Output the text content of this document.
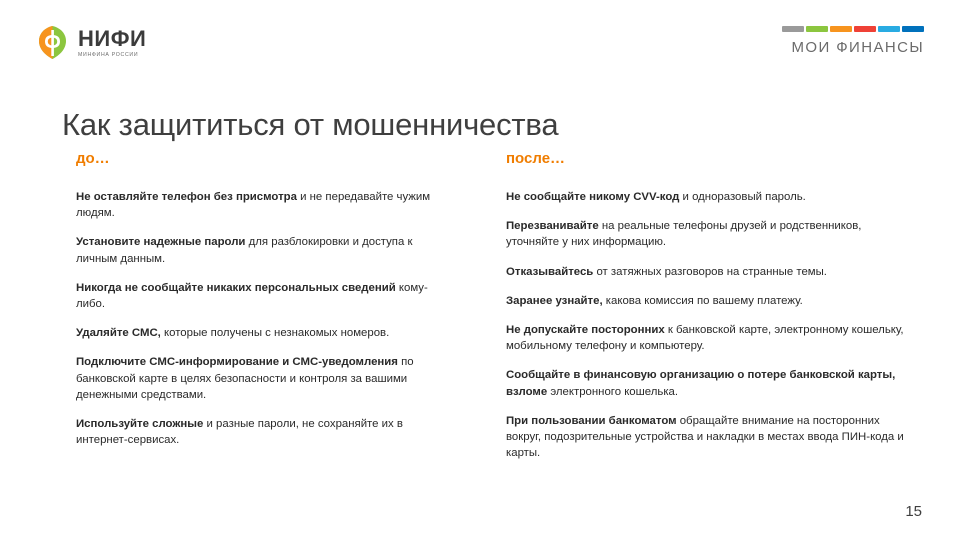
НИФИ
МИНФИНА РОССИИ	МОИ ФИНАНСЫ
Как защититься от мошенничества
до…

Не оставляйте телефон без присмотра и не передавайте чужим людям.

Установите надежные пароли для разблокировки и доступа к личным данным.

Никогда не сообщайте никаких персональных сведений кому-либо.

Удаляйте СМС, которые получены с незнакомых номеров.

Подключите СМС-информирование и СМС-уведомления по банковской карте в целях безопасности и контроля за вашими денежными средствами.

Используйте сложные и разные пароли, не сохраняйте их в интернет-сервисах.

после…

Не сообщайте никому CVV-код и одноразовый пароль.

Перезванивайте на реальные телефоны друзей и родственников, уточняйте у них информацию.

Отказывайтесь от затяжных разговоров на странные темы.

Заранее узнайте, какова комиссия по вашему платежу.

Не допускайте посторонних к банковской карте, электронному кошельку, мобильному телефону и компьютеру.

Сообщайте в финансовую организацию о потере банковской карты, взломе электронного кошелька.

При пользовании банкоматом обращайте внимание на посторонних вокруг, подозрительные устройства и накладки в местах ввода ПИН-кода и карты.

15
